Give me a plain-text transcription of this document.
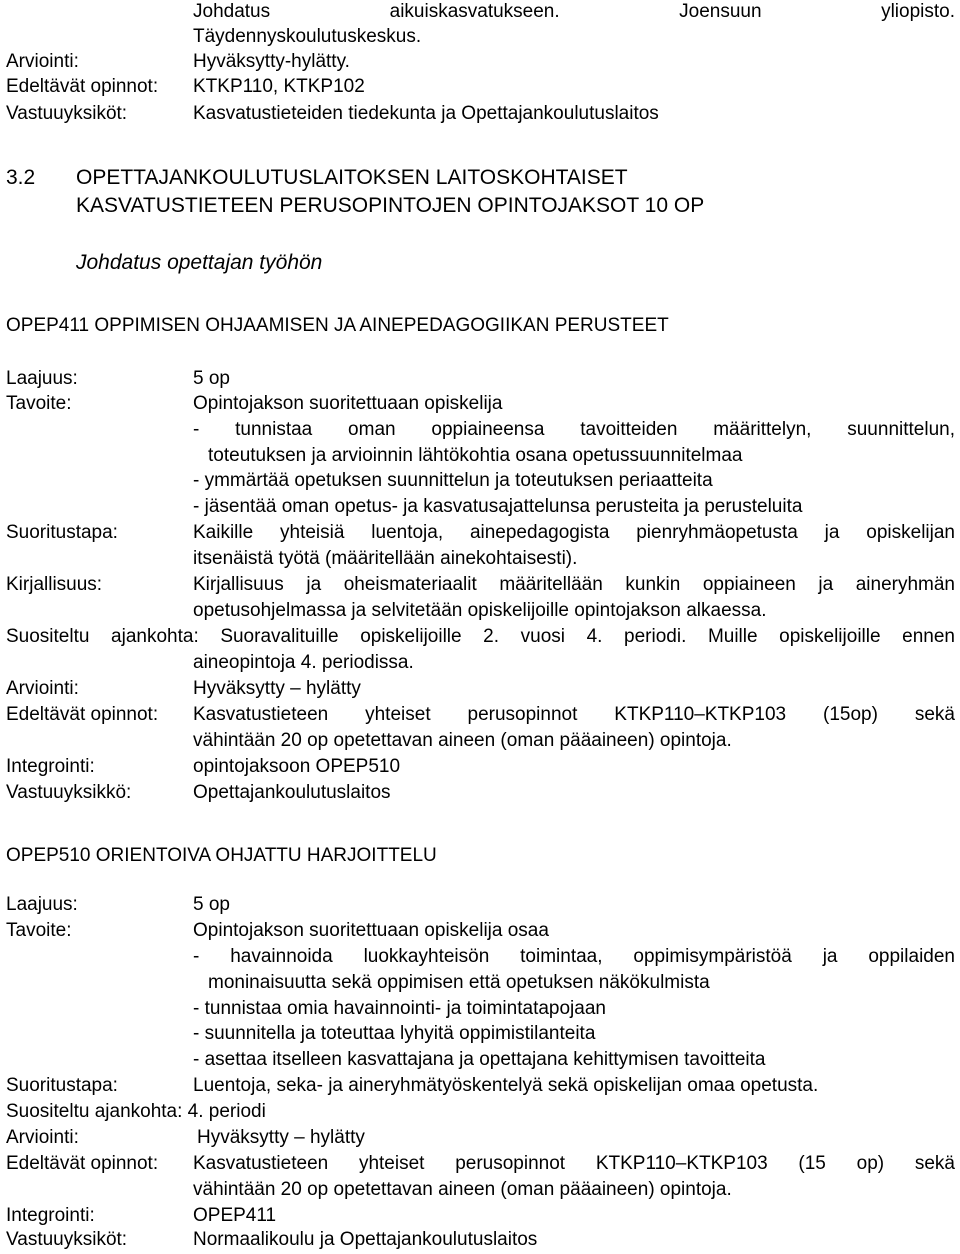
Johdatus aikuiskasvatukseen. Joensuun yliopisto.
Täydennyskoulutuskeskus.
Arviointi:	Hyväksytty-hylätty.
Edeltävät opinnot: KTKP110, KTKP102
Vastuuyksiköt:	Kasvatustieteiden tiedekunta ja Opettajankoulutuslaitos
3.2 OPETTAJANKOULUTUSLAITOKSEN LAITOSKOHTAISET
KASVATUSTIETEEN PERUSOPINTOJEN OPINTOJAKSOT 10 OP
Johdatus opettajan työhön
OPEP411 OPPIMISEN OHJAAMISEN JA AINEPEDAGOGIIKAN PERUSTEET
Laajuus:	5 op
Tavoite:	Opintojakson suoritettuaan opiskelija
- tunnistaa oman oppiaineensa tavoitteiden määrittelyn, suunnittelun,
toteutuksen ja arvioinnin lähtökohtia osana opetussuunnitelmaa
- ymmärtää opetuksen suunnittelun ja toteutuksen periaatteita
- jäsentää oman opetus- ja kasvatusajattelunsa perusteita ja perusteluita
Suoritustapa:	Kaikille yhteisiä luentoja, ainepedagogista pienryhmäopetusta ja opiskelijan
itsenäistä työtä (määritellään ainekohtaisesti).
Kirjallisuus:	Kirjallisuus ja oheismateriaalit määritellään kunkin oppiaineen ja aineryhmän
opetusohjelmassa ja selvitetään opiskelijoille opintojakson alkaessa.
Suositeltu ajankohta: Suoravalituille opiskelijoille 2. vuosi 4. periodi. Muille opiskelijoille ennen
aineopintoja 4. periodissa.
Arviointi:	Hyväksytty – hylätty
Edeltävät opinnot: Kasvatustieteen yhteiset perusopinnot KTKP110–KTKP103 (15op) sekä
vähintään 20 op opetettavan aineen (oman pääaineen) opintoja.
Integrointi:	opintojaksoon OPEP510
Vastuuyksikkö:	Opettajankoulutuslaitos
OPEP510 ORIENTOIVA OHJATTU HARJOITTELU
Laajuus:	5 op
Tavoite:	Opintojakson suoritettuaan opiskelija osaa
- havainnoida luokkayhteisön toimintaa, oppimisympäristöä ja oppilaiden
moninaisuutta sekä oppimisen että opetuksen näkökulmista
- tunnistaa omia havainnointi- ja toimintatapojaan
- suunnitella ja toteuttaa lyhyitä oppimistilanteita
- asettaa itselleen kasvattajana ja opettajana kehittymisen tavoitteita
Suoritustapa:	Luentoja, seka- ja aineryhmätyöskentelyä sekä opiskelijan omaa opetusta.
Suositeltu ajankohta: 4. periodi
Arviointi:	Hyväksytty – hylätty
Edeltävät opinnot: Kasvatustieteen yhteiset perusopinnot KTKP110–KTKP103 (15 op) sekä
vähintään 20 op opetettavan aineen (oman pääaineen) opintoja.
Integrointi:	OPEP411
Vastuuyksiköt:	Normaalikoulu ja Opettajankoulutuslaitos
